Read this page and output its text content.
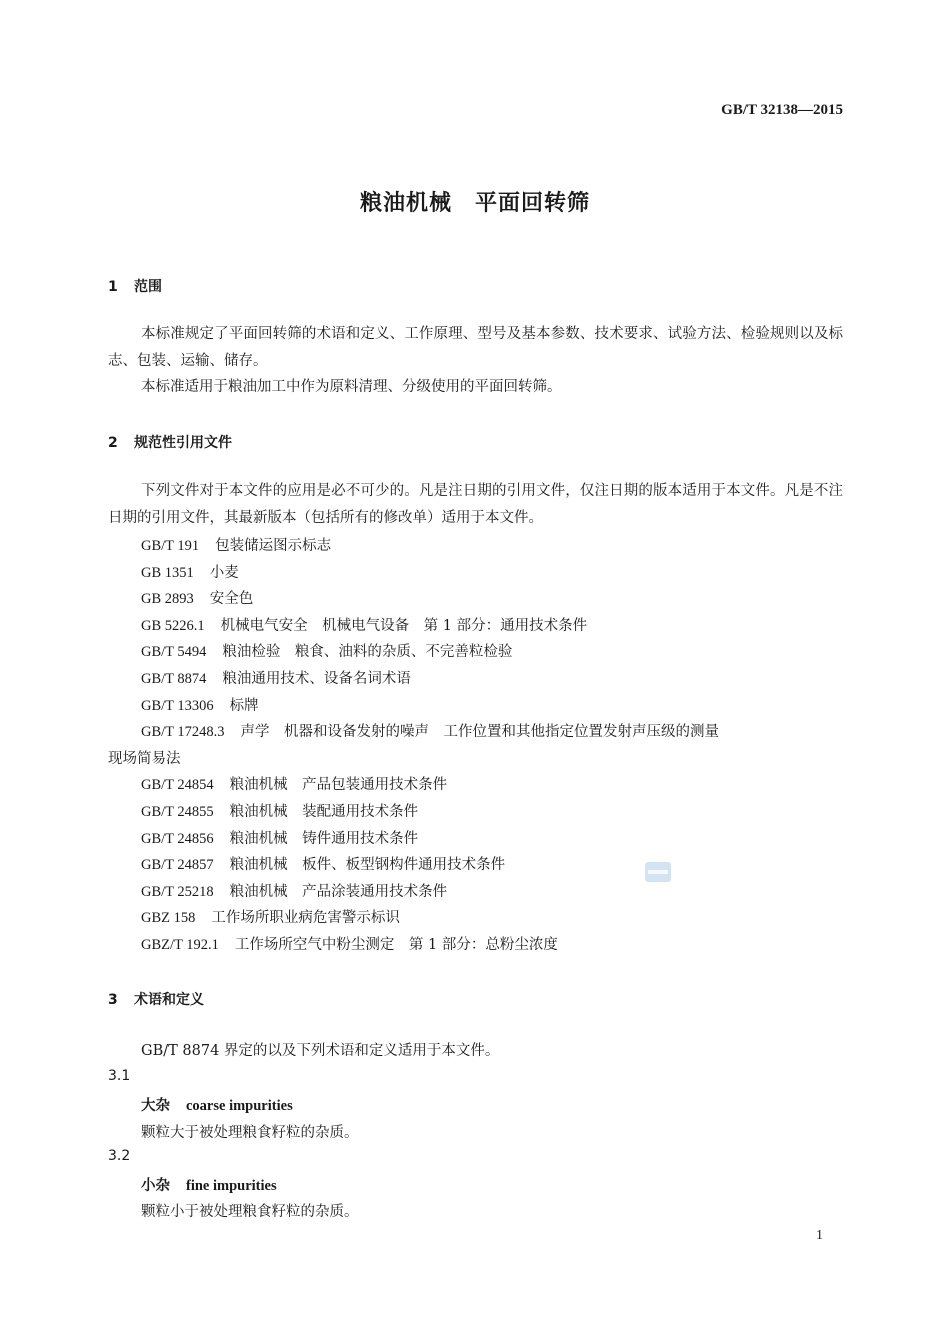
GB/T 32138—2015
粮油机械　平面回转筛
1 范围
本标准规定了平面回转筛的术语和定义、工作原理、型号及基本参数、技术要求、试验方法、检验规则以及标志、包装、运输、储存。
本标准适用于粮油加工中作为原料清理、分级使用的平面回转筛。
2 规范性引用文件
下列文件对于本文件的应用是必不可少的。凡是注日期的引用文件，仅注日期的版本适用于本文件。凡是不注日期的引用文件，其最新版本（包括所有的修改单）适用于本文件。
GB/T 191 包装储运图示标志
GB 1351 小麦
GB 2893 安全色
GB 5226.1 机械电气安全　机械电气设备　第 1 部分：通用技术条件
GB/T 5494 粮油检验　粮食、油料的杂质、不完善粒检验
GB/T 8874 粮油通用技术、设备名词术语
GB/T 13306 标牌
GB/T 17248.3 声学　机器和设备发射的噪声　工作位置和其他指定位置发射声压级的测量
现场简易法
GB/T 24854 粮油机械　产品包装通用技术条件
GB/T 24855 粮油机械　装配通用技术条件
GB/T 24856 粮油机械　铸件通用技术条件
GB/T 24857 粮油机械　板件、板型钢构件通用技术条件
GB/T 25218 粮油机械　产品涂装通用技术条件
GBZ 158 工作场所职业病危害警示标识
GBZ/T 192.1 工作场所空气中粉尘测定　第 1 部分：总粉尘浓度
3 术语和定义
GB/T 8874 界定的以及下列术语和定义适用于本文件。
3.1
大杂 coarse impurities
颗粒大于被处理粮食籽粒的杂质。
3.2
小杂 fine impurities
颗粒小于被处理粮食籽粒的杂质。
1
